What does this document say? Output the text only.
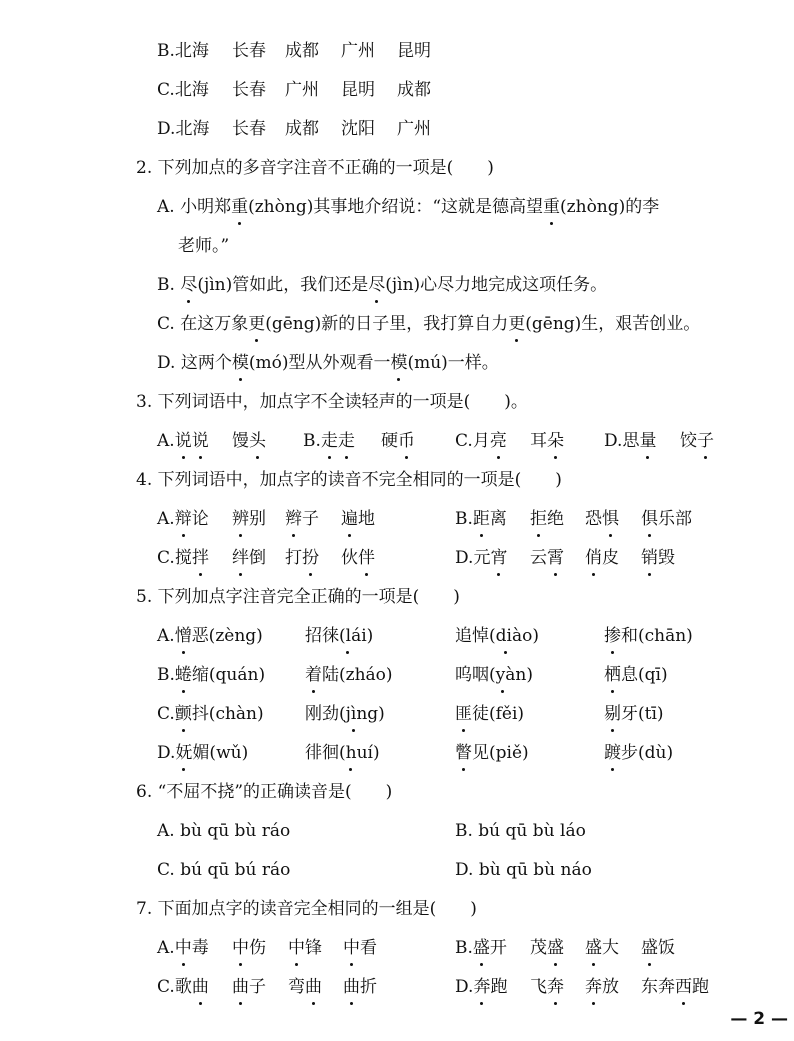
B.北海 长春 成都 广州 昆明
C.北海 长春 广州 昆明 成都
D.北海 长春 成都 沈阳 广州
2. 下列加点的多音字注音不正确的一项是(　　)
A. 小明郑重(zhòng)其事地介绍说：“这就是德高望重(zhòng)的李
老师。”
B. 尽(jìn)管如此，我们还是尽(jìn)心尽力地完成这项任务。
C. 在这万象更(gēng)新的日子里，我打算自力更(gēng)生，艰苦创业。
D. 这两个模(mó)型从外观看一模(mú)一样。
3. 下列词语中，加点字不全读轻声的一项是(　　)。
A.说说 馒头 B.走走 硬币 C.月亮 耳朵 D.思量 饺子
4. 下列词语中，加点字的读音不完全相同的一项是(　　)
A.辩论 辨别 辫子 遍地	B.距离 拒绝 恐惧 俱乐部
C.搅拌 绊倒 打扮 伙伴	D.元宵 云霄 俏皮 销毁
5. 下列加点字注音完全正确的一项是(　　)
A.憎恶(zèng) 招徕(lái)	追悼(diào)	掺和(chān)
B.蜷缩(quán) 着陆(zháo)	呜咽(yàn)	栖息(qī)
C.颤抖(chàn) 刚劲(jìng)	匪徒(fěi)	剔牙(tī)
D.妩媚(wǔ)	徘徊(huí)	瞥见(piě)	踱步(dù)
6. “不屈不挠”的正确读音是(　　)
A. bù qū bù ráo	B. bú qū bù láo
C. bú qū bú ráo	D. bù qū bù náo
7. 下面加点字的读音完全相同的一组是(　　)
A.中毒 中伤 中锋 中看	B.盛开 茂盛 盛大 盛饭
C.歌曲 曲子 弯曲 曲折	D.奔跑 飞奔 奔放 东奔西跑
— 2 —
